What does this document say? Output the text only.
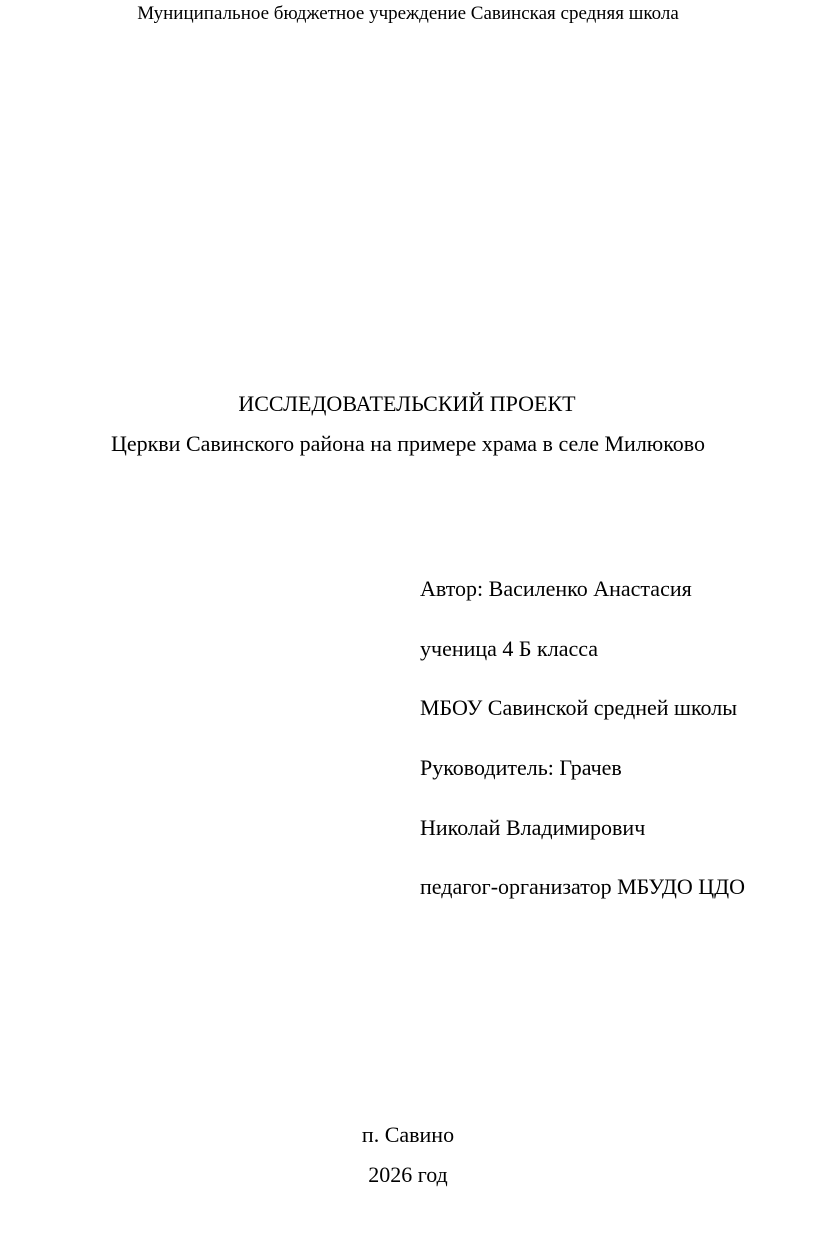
Муниципальное бюджетное учреждение Савинская средняя школа
ИССЛЕДОВАТЕЛЬСКИЙ ПРОЕКТ
Церкви Савинского района на примере храма в селе Милюково
Автор: Василенко Анастасия
ученица 4 Б класса
МБОУ Савинской средней школы
Руководитель: Грачев
Николай Владимирович
педагог-организатор МБУДО ЦДО
п. Савино
2026 год
